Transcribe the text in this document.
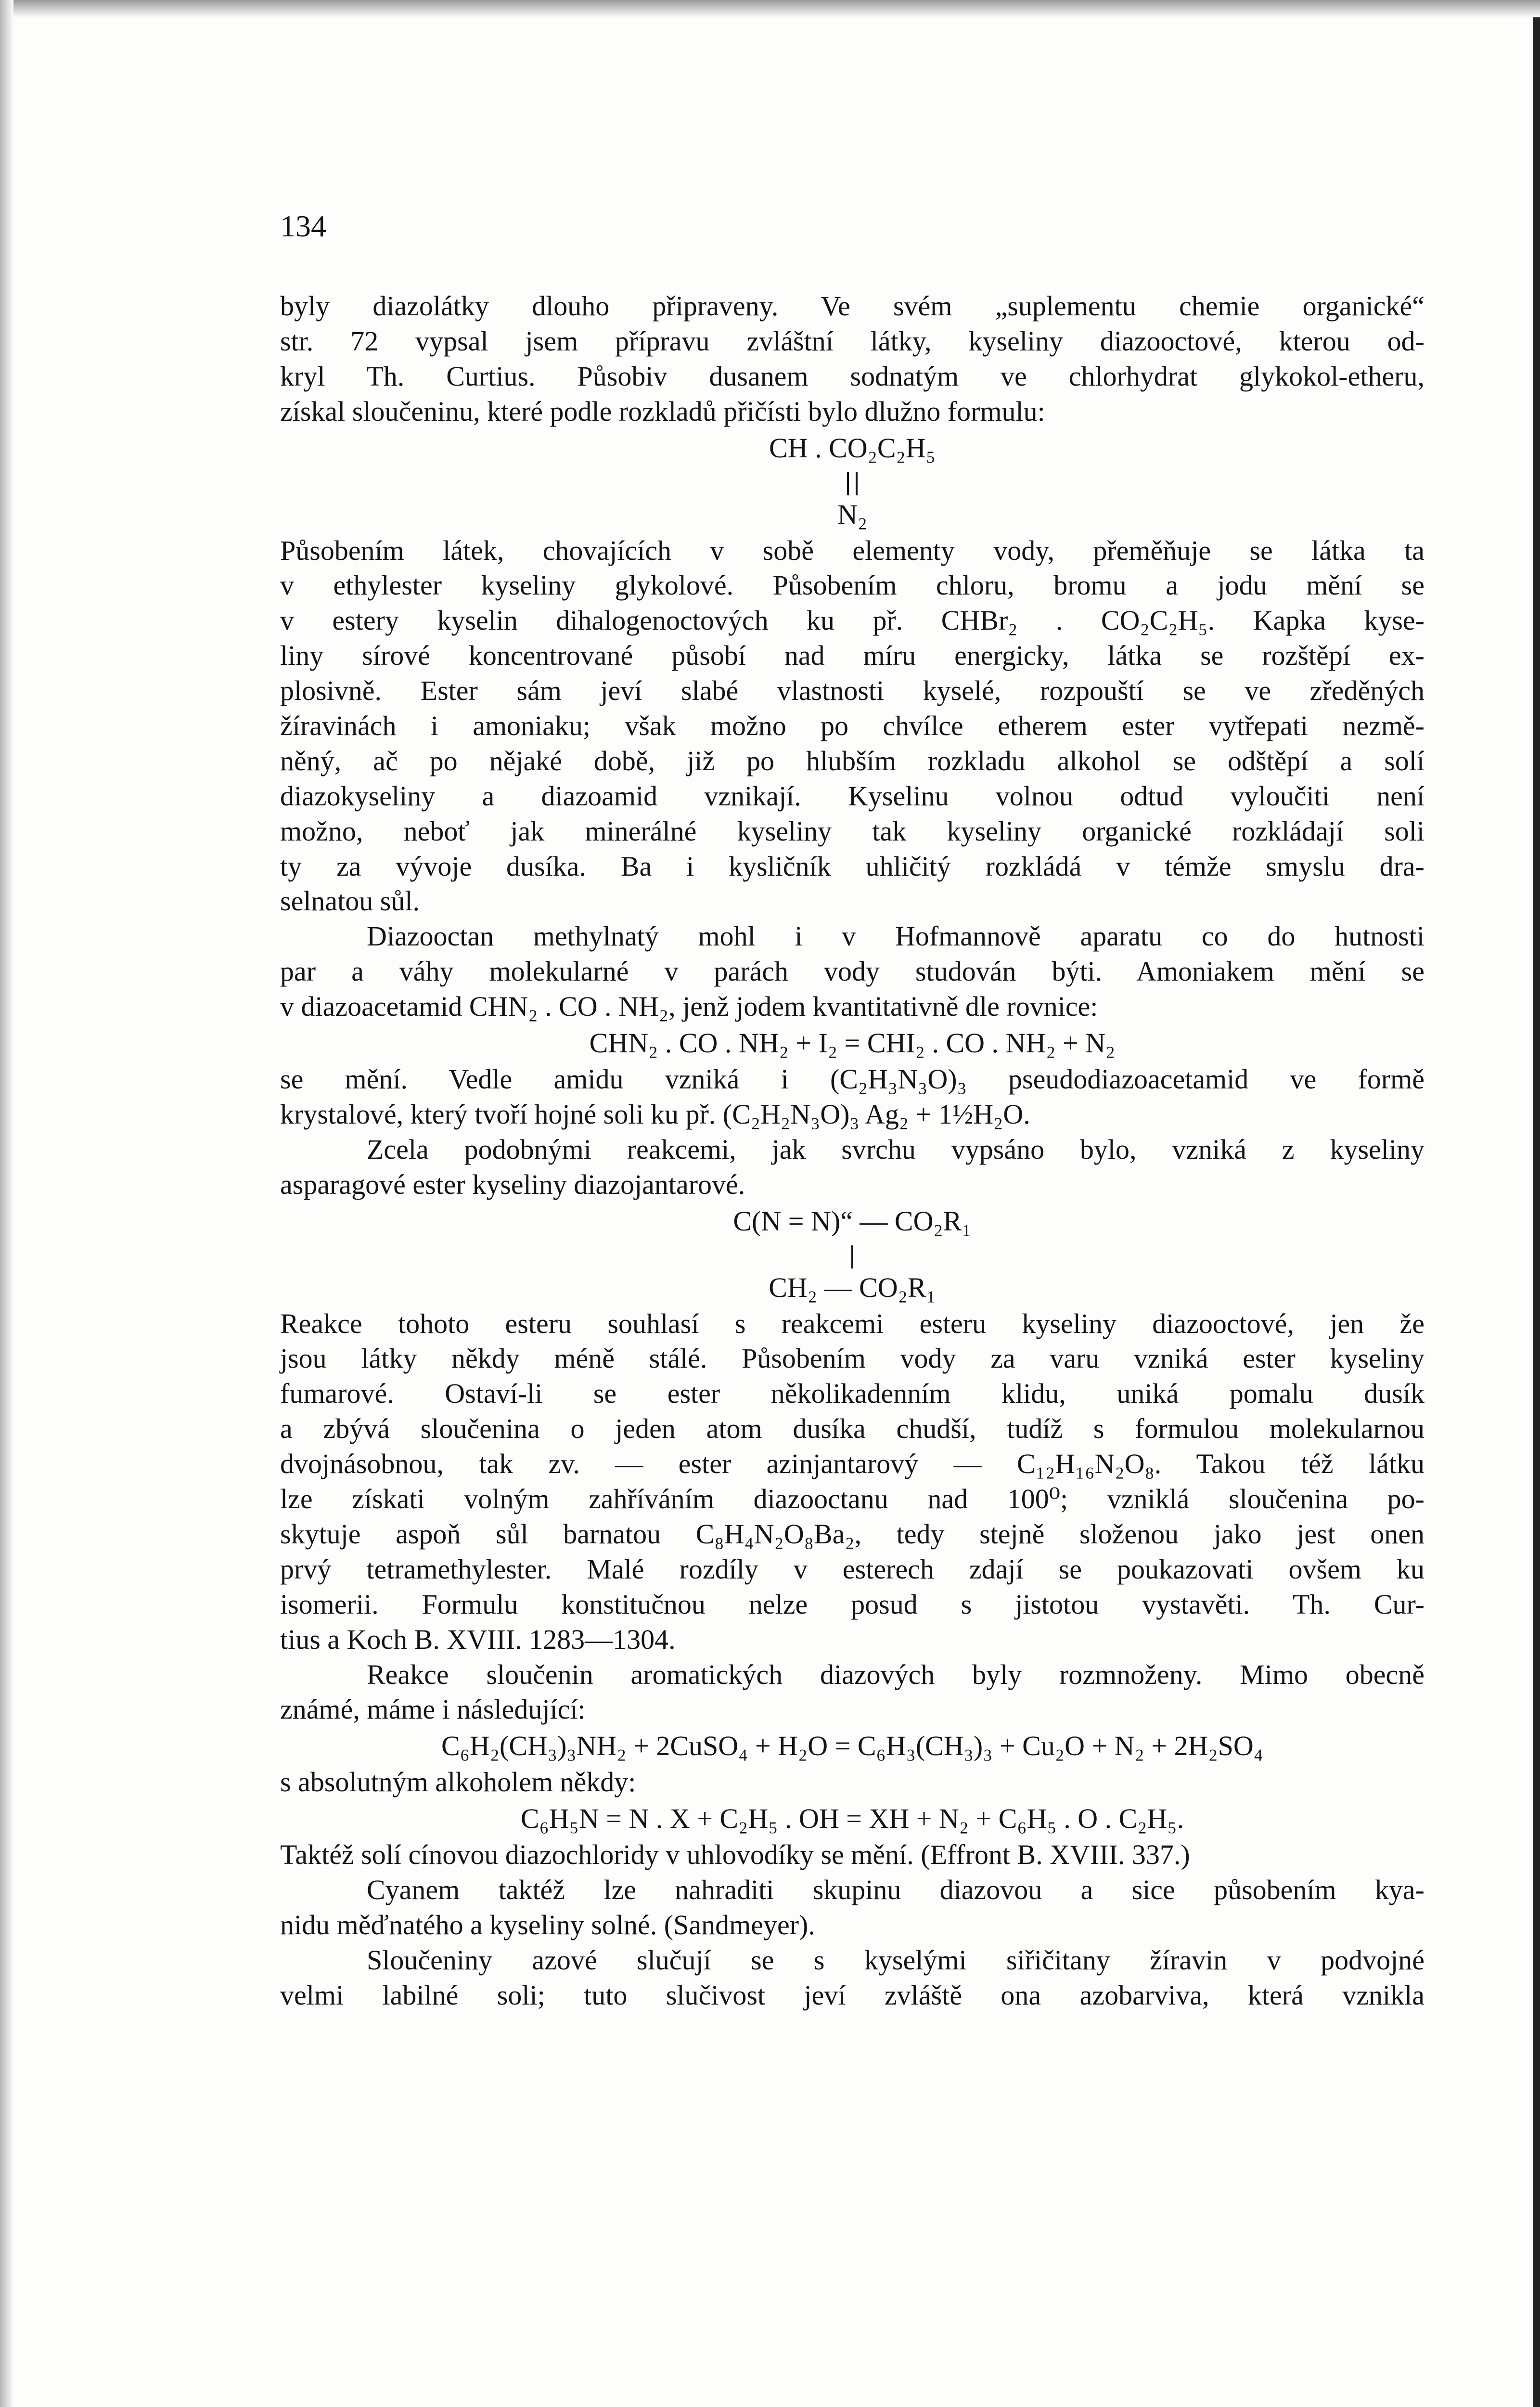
134
byly diazolátky dlouho připraveny. Ve svém „suplementu chemie organické“
str. 72 vypsal jsem přípravu zvláštní látky, kyseliny diazooctové, kterou od-
kryl Th. Curtius. Působiv dusanem sodnatým ve chlorhydrat glykokol-etheru,
získal sloučeninu, které podle rozkladů přičísti bylo dlužno formulu:
CH . CO₂C₂H₅
N₂
Působením látek, chovajících v sobě elementy vody, přeměňuje se látka ta
v ethylester kyseliny glykolové. Působením chloru, bromu a jodu mění se
v estery kyselin dihalogenoctových ku př. CHBr₂ . CO₂C₂H₅. Kapka kyse-
liny sírové koncentrované působí nad míru energicky, látka se rozštěpí ex-
plosivně. Ester sám jeví slabé vlastnosti kyselé, rozpouští se ve zředěných
žíravinách i amoniaku; však možno po chvílce etherem ester vytřepati nezmě-
něný, ač po nějaké době, již po hlubším rozkladu alkohol se odštěpí a solí
diazokyseliny a diazoamid vznikají. Kyselinu volnou odtud vyloučiti není
možno, neboť jak minerálné kyseliny tak kyseliny organické rozkládají soli
ty za vývoje dusíka. Ba i kysličník uhličitý rozkládá v témže smyslu dra-
selnatou sůl.
Diazooctan methylnatý mohl i v Hofmannově aparatu co do hutnosti
par a váhy molekularné v parách vody studován býti. Amoniakem mění se
v diazoacetamid CHN₂ . CO . NH₂, jenž jodem kvantitativně dle rovnice:
CHN₂ . CO . NH₂ + I₂ = CHI₂ . CO . NH₂ + N₂
se mění. Vedle amidu vzniká i (C₂H₃N₃O)₃ pseudodiazoacetamid ve formě
krystalové, který tvoří hojné soli ku př. (C₂H₂N₃O)₃ Ag₂ + 1½H₂O.
Zcela podobnými reakcemi, jak svrchu vypsáno bylo, vzniká z kyseliny
asparagové ester kyseliny diazojantarové.
C(N = N)“ — CO₂R₁
CH₂ — CO₂R₁
Reakce tohoto esteru souhlasí s reakcemi esteru kyseliny diazooctové, jen že
jsou látky někdy méně stálé. Působením vody za varu vzniká ester kyseliny
fumarové. Ostaví-li se ester několikadenním klidu, uniká pomalu dusík
a zbývá sloučenina o jeden atom dusíka chudší, tudíž s formulou molekularnou
dvojnásobnou, tak zv. — ester azinjantarový — C₁₂H₁₆N₂O₈. Takou též látku
lze získati volným zahříváním diazooctanu nad 100⁰; vzniklá sloučenina po-
skytuje aspoň sůl barnatou C₈H₄N₂O₈Ba₂, tedy stejně složenou jako jest onen
prvý tetramethylester. Malé rozdíly v esterech zdají se poukazovati ovšem ku
isomerii. Formulu konstitučnou nelze posud s jistotou vystavěti. Th. Cur-
tius a Koch B. XVIII. 1283—1304.
Reakce sloučenin aromatických diazových byly rozmnoženy. Mimo obecně
známé, máme i následující:
C₆H₂(CH₃)₃NH₂ + 2CuSO₄ + H₂O = C₆H₃(CH₃)₃ + Cu₂O + N₂ + 2H₂SO₄
s absolutným alkoholem někdy:
C₆H₅N = N . X + C₂H₅ . OH = XH + N₂ + C₆H₅ . O . C₂H₅.
Taktéž solí cínovou diazochloridy v uhlovodíky se mění. (Effront B. XVIII. 337.)
Cyanem taktéž lze nahraditi skupinu diazovou a sice působením kya-
nidu měďnatého a kyseliny solné. (Sandmeyer).
Sloučeniny azové slučují se s kyselými siřičitany žíravin v podvojné
velmi labilné soli; tuto slučivost jeví zvláště ona azobarviva, která vznikla
